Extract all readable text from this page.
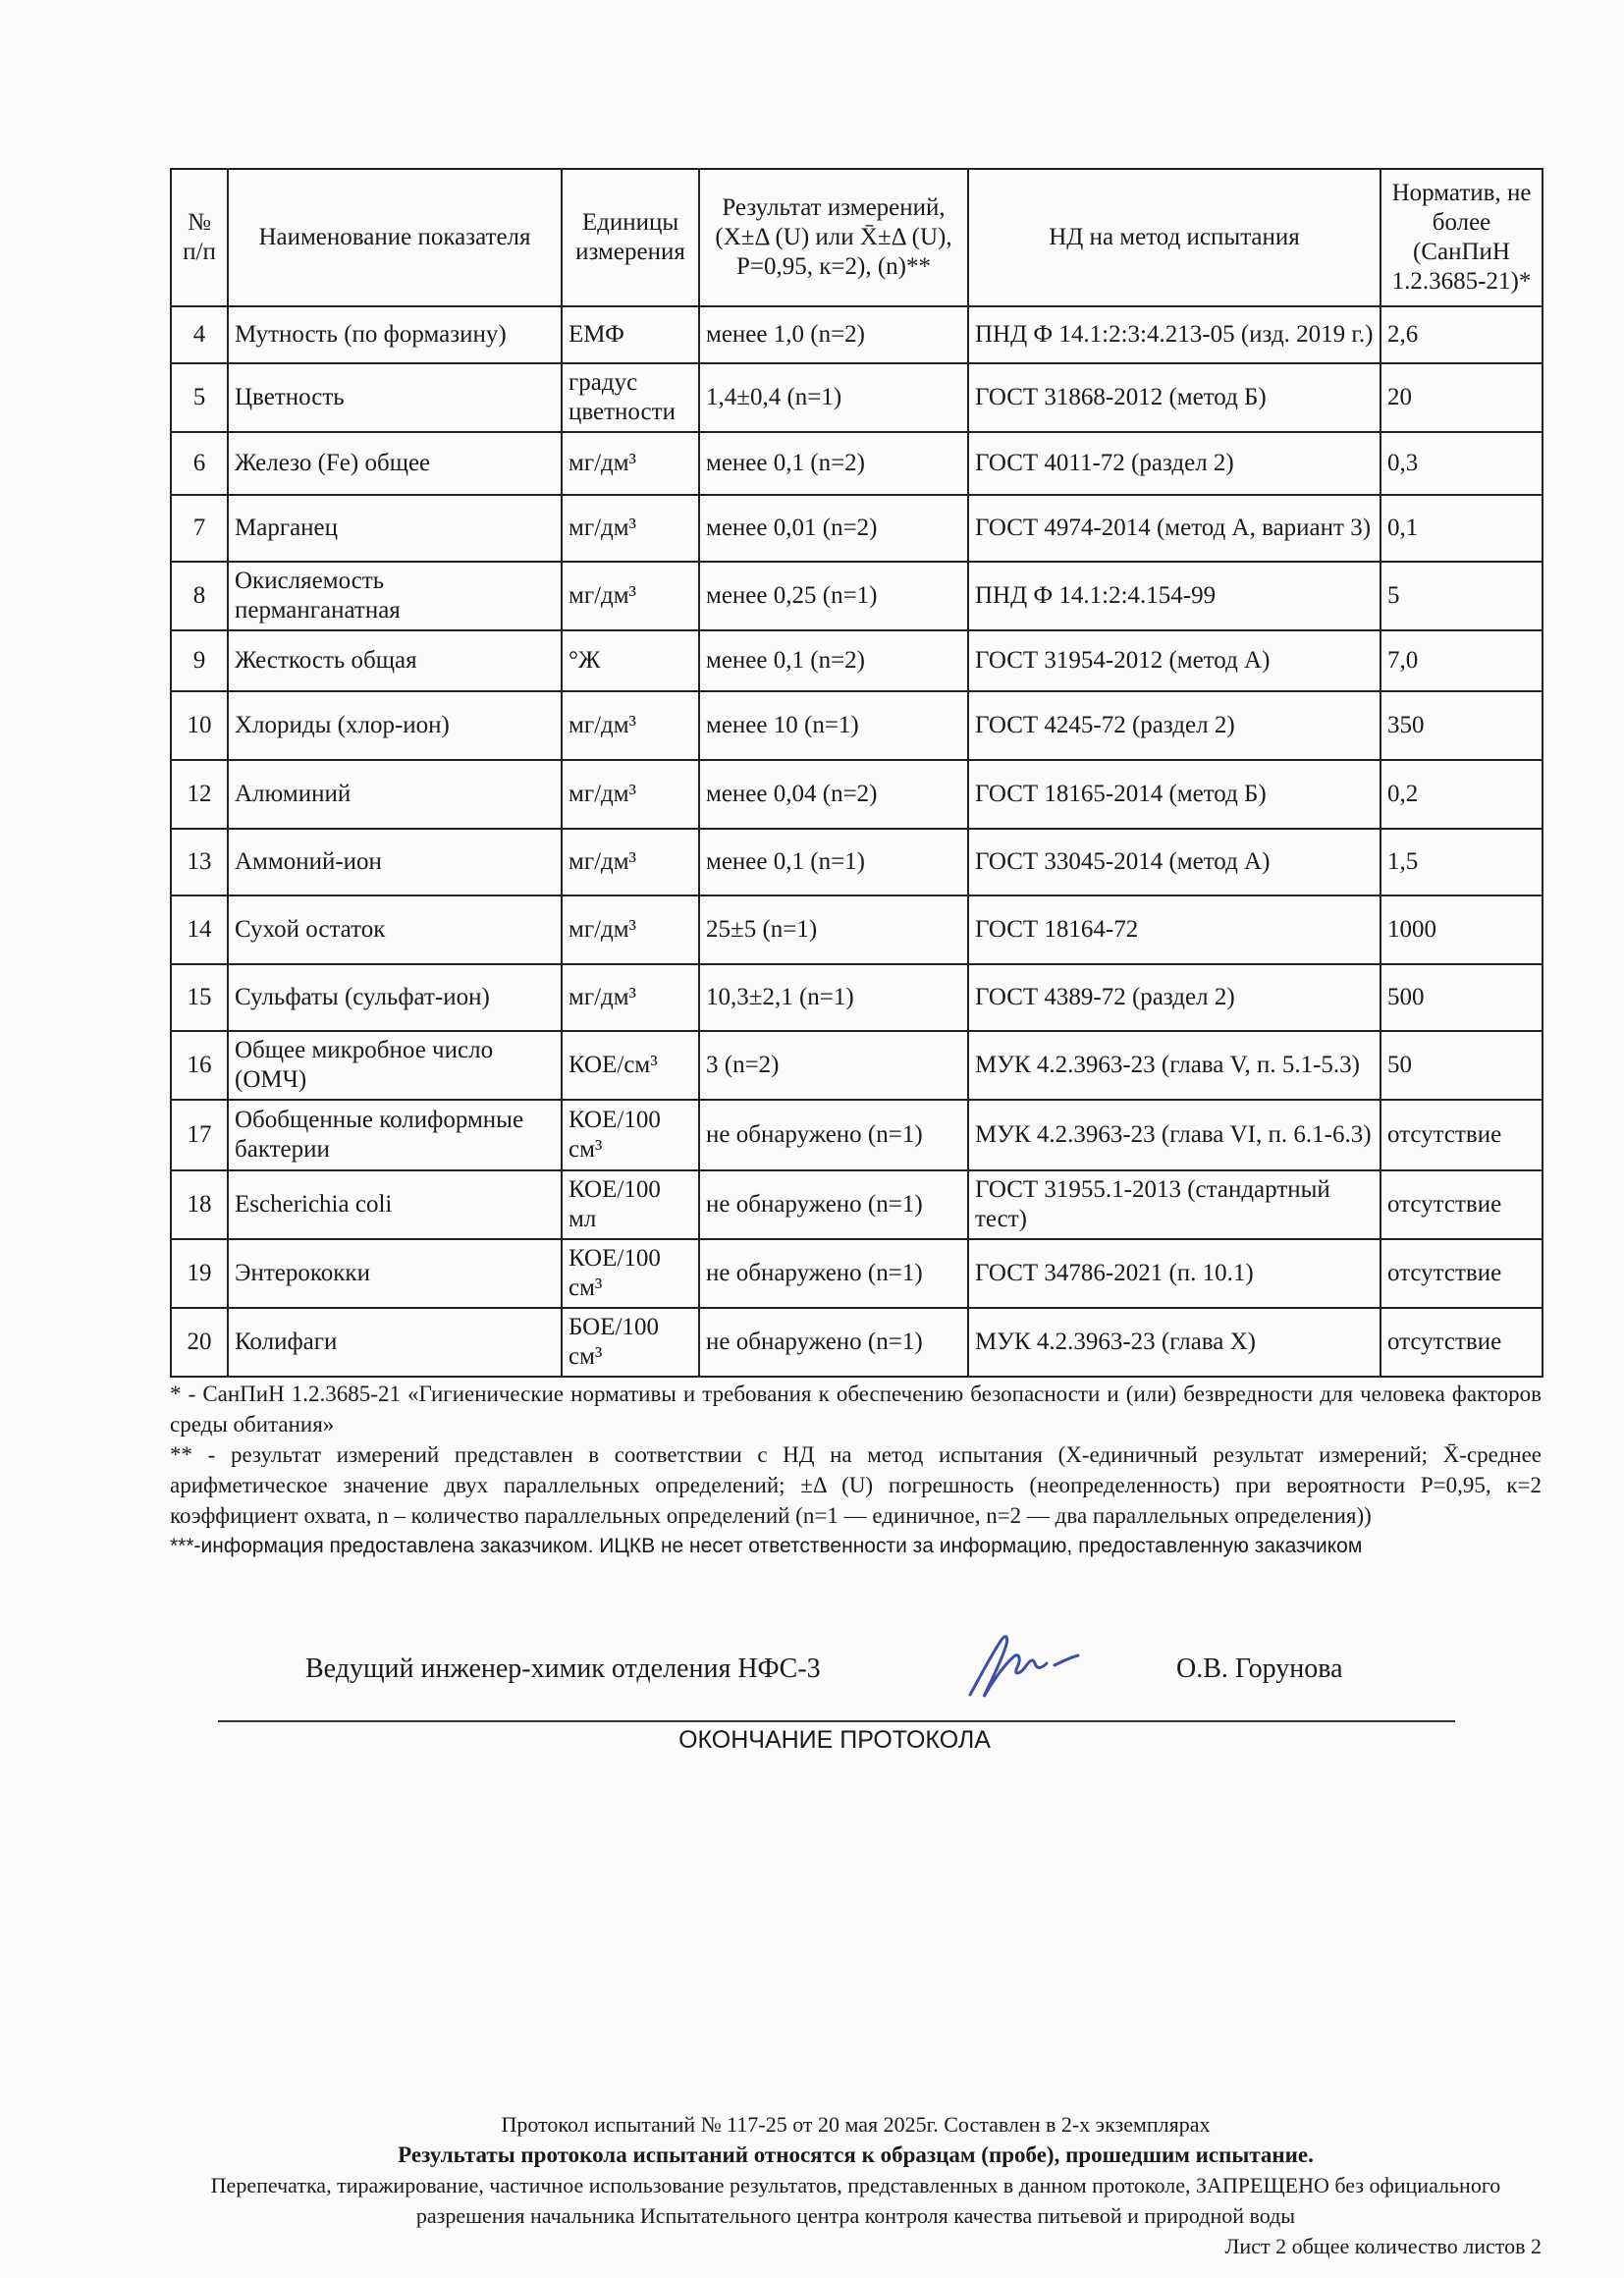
№ п/п	Наименование показателя	Единицы измерения	Результат измерений, (X±Δ (U) или X̄±Δ (U), P=0,95, к=2), (n)**	НД на метод испытания	Норматив, не более (СанПиН 1.2.3685-21)*
4	Мутность (по формазину)	ЕМФ	менее 1,0 (n=2)	ПНД Ф 14.1:2:3:4.213-05 (изд. 2019 г.)	2,6
5	Цветность	градус цветности	1,4±0,4 (n=1)	ГОСТ 31868-2012 (метод Б)	20
6	Железо (Fe) общее	мг/дм³	менее 0,1 (n=2)	ГОСТ 4011-72 (раздел 2)	0,3
7	Марганец	мг/дм³	менее 0,01 (n=2)	ГОСТ 4974-2014 (метод А, вариант 3)	0,1
8	Окисляемость перманганатная	мг/дм³	менее 0,25 (n=1)	ПНД Ф 14.1:2:4.154-99	5
9	Жесткость общая	°Ж	менее 0,1 (n=2)	ГОСТ 31954-2012 (метод А)	7,0
10	Хлориды (хлор-ион)	мг/дм³	менее 10 (n=1)	ГОСТ 4245-72 (раздел 2)	350
12	Алюминий	мг/дм³	менее 0,04 (n=2)	ГОСТ 18165-2014 (метод Б)	0,2
13	Аммоний-ион	мг/дм³	менее 0,1 (n=1)	ГОСТ 33045-2014 (метод А)	1,5
14	Сухой остаток	мг/дм³	25±5 (n=1)	ГОСТ 18164-72	1000
15	Сульфаты (сульфат-ион)	мг/дм³	10,3±2,1 (n=1)	ГОСТ 4389-72 (раздел 2)	500
16	Общее микробное число (ОМЧ)	КОЕ/см³	3 (n=2)	МУК 4.2.3963-23 (глава V, п. 5.1-5.3)	50
17	Обобщенные колиформные бактерии	КОЕ/100 см³	не обнаружено (n=1)	МУК 4.2.3963-23 (глава VI, п. 6.1-6.3)	отсутствие
18	Escherichia coli	КОЕ/100 мл	не обнаружено (n=1)	ГОСТ 31955.1-2013 (стандартный тест)	отсутствие
19	Энтерококки	КОЕ/100 см³	не обнаружено (n=1)	ГОСТ 34786-2021 (п. 10.1)	отсутствие
20	Колифаги	БОЕ/100 см³	не обнаружено (n=1)	МУК 4.2.3963-23 (глава X)	отсутствие

* - СанПиН 1.2.3685-21 «Гигиенические нормативы и требования к обеспечению безопасности и (или) безвредности для человека факторов среды обитания»

** - результат измерений представлен в соответствии с НД на метод испытания (X-единичный результат измерений; X̄-среднее арифметическое значение двух параллельных определений; ±Δ (U) погрешность (неопределенность) при вероятности P=0,95, к=2 коэффициент охвата, n – количество параллельных определений (n=1 — единичное, n=2 — два параллельных определения))

***-информация предоставлена заказчиком. ИЦКВ не несет ответственности за информацию, предоставленную заказчиком

Ведущий инженер-химик отделения НФС-3	О.В. Горунова
ОКОНЧАНИЕ ПРОТОКОЛА

Протокол испытаний № 117-25 от 20 мая 2025г. Составлен в 2-х экземплярах

Результаты протокола испытаний относятся к образцам (пробе), прошедшим испытание.

Перепечатка, тиражирование, частичное использование результатов, представленных в данном протоколе, ЗАПРЕЩЕНО без официального разрешения начальника Испытательного центра контроля качества питьевой и природной воды

Лист 2 общее количество листов 2
